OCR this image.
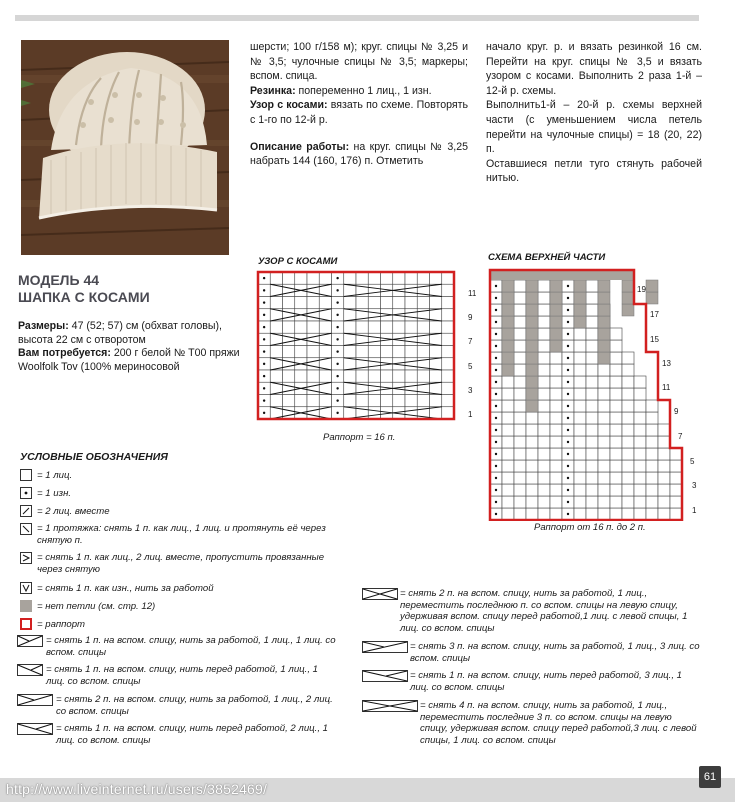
шерсти; 100 г/158 м); круг. спицы № 3,25 и № 3,5; чулочные спицы № 3,5; маркеры; вспом. спица.

Резинка: попеременно 1 лиц., 1 изн.

Узор с косами: вязать по схеме. Повторять с 1-го по 12-й р.

Описание работы: на круг. спицы № 3,25 набрать 144 (160, 176) п. Отметить

начало круг. р. и вязать резинкой 16 см. Перейти на круг. спицы № 3,5 и вязать узором с косами. Выполнить 2 раза 1-й – 12-й р. схемы.

Выполнить1-й – 20-й р. схемы верхней части (с уменьшением числа петель перейти на чулочные спицы) = 18 (20, 22) п.

Оставшиеся петли туго стянуть рабочей нитью.

МОДЕЛЬ 44
ШАПКА С КОСАМИ
Размеры: 47 (52; 57) см (обхват головы), высота 22 см с отворотом
Вам потребуется: 200 г белой № T00 пряжи Woolfolk Tov (100% мериносовой
УЗОР С КОСАМИ
11
9
7
5
3
1
Раппорт = 16 п.
СХЕМА ВЕРХНЕЙ ЧАСТИ
19
17
15
13
11
9
7
5
3
1
Раппорт от 16 п. до 2 п.
УСЛОВНЫЕ ОБОЗНАЧЕНИЯ
= 1 лиц.
= 1 изн.
= 2 лиц. вместе
= 1 протяжка: снять 1 п. как лиц., 1 лиц. и протянуть её через снятую п.
= снять 1 п. как лиц., 2 лиц. вместе, пропустить провязанные через снятую
= снять 1 п. как изн., нить за работой
= нет петли (см. стр. 12)
= раппорт
= снять 1 п. на вспом. спицу, нить за работой, 1 лиц., 1 лиц. со вспом. спицы
= снять 1 п. на вспом. спицу, нить перед работой, 1 лиц., 1 лиц. со вспом. спицы
= снять 2 п. на вспом. спицу, нить за работой, 1 лиц., 2 лиц. со вспом. спицы
= снять 1 п. на вспом. спицу, нить перед работой, 2 лиц., 1 лиц. со вспом. спицы
= снять 2 п. на вспом. спицу, нить за работой, 1 лиц., переместить последнюю п. со вспом. спицы на левую спицу, удерживая вспом. спицу перед работой,1 лиц. с левой спицы, 1 лиц. со вспом. спицы
= снять 3 п. на вспом. спицу, нить за работой, 1 лиц., 3 лиц. со вспом. спицы
= снять 1 п. на вспом. спицу, нить перед работой, 3 лиц., 1 лиц. со вспом. спицы
= снять 4 п. на вспом. спицу, нить за работой, 1 лиц., переместить последние 3 п. со вспом. спицы на левую спицу, удерживая вспом. спицу перед работой,3 лиц. с левой спицы, 1 лиц. со вспом. спицы
http://www.liveinternet.ru/users/3852469/
61
